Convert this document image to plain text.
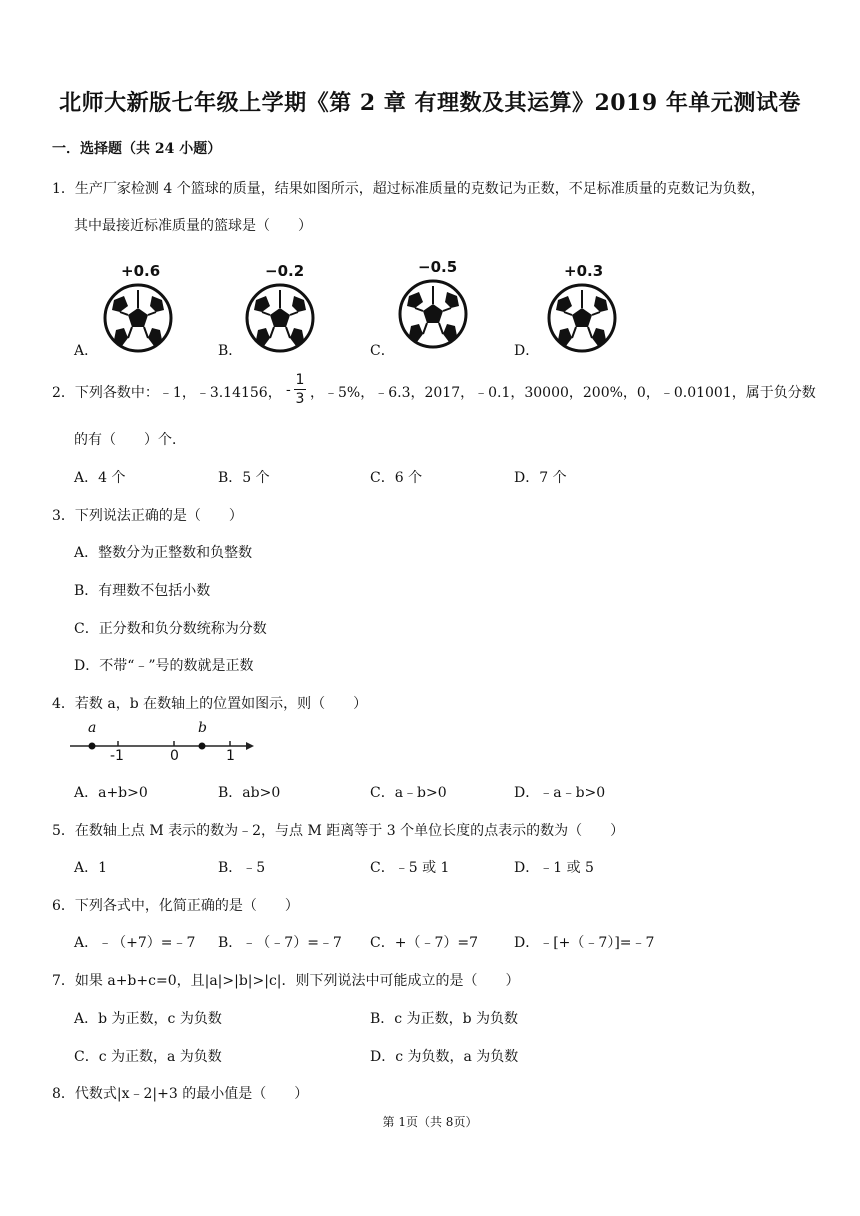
北师大新版七年级上学期《第 2 章 有理数及其运算》2019 年单元测试卷
一．选择题（共 24 小题）
1．生产厂家检测 4 个篮球的质量，结果如图所示，超过标准质量的克数记为正数，不足标准质量的克数记为负数，
其中最接近标准质量的篮球是（　　）
+0.6
A．
−0.2
B．
−0.5
C．
+0.3
D．
2．下列各数中：﹣1，﹣3.14156， -
1
3 ，﹣5%，﹣6.3，2017，﹣0.1，30000，200%，0，﹣0.01001，属于负分数
的有（　　）个．
A．4 个	B．5 个	C．6 个	D．7 个
3．下列说法正确的是（　　）
A．整数分为正整数和负整数
B．有理数不包括小数
C．正分数和负分数统称为分数
D．不带“﹣”号的数就是正数
4．若数 a，b 在数轴上的位置如图示，则（　　）
a	b
-1	0	1
A．a+b>0	B．ab>0	C．a﹣b>0	D．﹣a﹣b>0
5．在数轴上点 M 表示的数为﹣2，与点 M 距离等于 3 个单位长度的点表示的数为（　　）
A．1	B．﹣5	C．﹣5 或 1	D．﹣1 或 5
6．下列各式中，化简正确的是（　　）
A．﹣（+7）=﹣7 B．﹣（﹣7）=﹣7 C．+（﹣7）=7	D．﹣[+（﹣7）]=﹣7
7．如果 a+b+c=0，且|a|>|b|>|c|．则下列说法中可能成立的是（　　）
A．b 为正数，c 为负数	B．c 为正数，b 为负数
C．c 为正数，a 为负数	D．c 为负数，a 为负数
8．代数式|x﹣2|+3 的最小值是（　　）
第 1页（共 8页）
